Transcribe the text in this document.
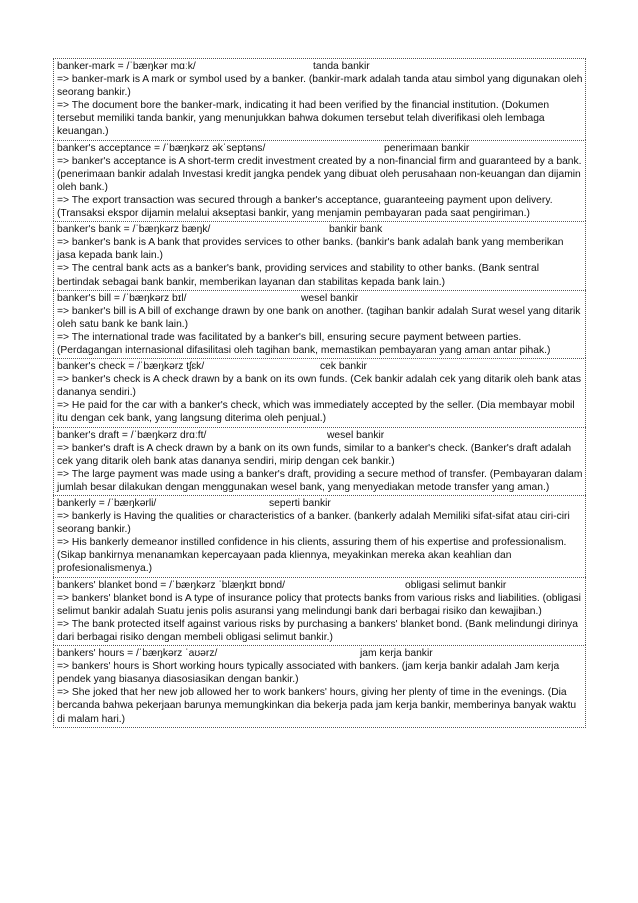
banker-mark = /ˈbæŋkər mɑːk/	tanda bankir
=> banker-mark is A mark or symbol used by a banker. (bankir-mark adalah tanda atau simbol yang digunakan oleh seorang bankir.)
=> The document bore the banker-mark, indicating it had been verified by the financial institution. (Dokumen tersebut memiliki tanda bankir, yang menunjukkan bahwa dokumen tersebut telah diverifikasi oleh lembaga keuangan.)
banker's acceptance = /ˈbæŋkərz əkˈseptəns/	penerimaan bankir
=> banker's acceptance is A short-term credit investment created by a non-financial firm and guaranteed by a bank. (penerimaan bankir adalah Investasi kredit jangka pendek yang dibuat oleh perusahaan non-keuangan dan dijamin oleh bank.)
=> The export transaction was secured through a banker's acceptance, guaranteeing payment upon delivery. (Transaksi ekspor dijamin melalui akseptasi bankir, yang menjamin pembayaran pada saat pengiriman.)
banker's bank = /ˈbæŋkərz bæŋk/	bankir bank
=> banker's bank is A bank that provides services to other banks. (bankir's bank adalah bank yang memberikan jasa kepada bank lain.)
=> The central bank acts as a banker's bank, providing services and stability to other banks. (Bank sentral bertindak sebagai bank bankir, memberikan layanan dan stabilitas kepada bank lain.)
banker's bill = /ˈbæŋkərz bɪl/	wesel bankir
=> banker's bill is A bill of exchange drawn by one bank on another. (tagihan bankir adalah Surat wesel yang ditarik oleh satu bank ke bank lain.)
=> The international trade was facilitated by a banker's bill, ensuring secure payment between parties. (Perdagangan internasional difasilitasi oleh tagihan bank, memastikan pembayaran yang aman antar pihak.)
banker's check = /ˈbæŋkərz tʃɛk/	cek bankir
=> banker's check is A check drawn by a bank on its own funds. (Cek bankir adalah cek yang ditarik oleh bank atas dananya sendiri.)
=> He paid for the car with a banker's check, which was immediately accepted by the seller. (Dia membayar mobil itu dengan cek bank, yang langsung diterima oleh penjual.)
banker's draft = /ˈbæŋkərz drɑːft/	wesel bankir
=> banker's draft is A check drawn by a bank on its own funds, similar to a banker's check. (Banker's draft adalah cek yang ditarik oleh bank atas dananya sendiri, mirip dengan cek bankir.)
=> The large payment was made using a banker's draft, providing a secure method of transfer. (Pembayaran dalam jumlah besar dilakukan dengan menggunakan wesel bank, yang menyediakan metode transfer yang aman.)
bankerly = /ˈbæŋkərli/	seperti bankir
=> bankerly is Having the qualities or characteristics of a banker. (bankerly adalah Memiliki sifat-sifat atau ciri-ciri seorang bankir.)
=> His bankerly demeanor instilled confidence in his clients, assuring them of his expertise and professionalism. (Sikap bankirnya menanamkan kepercayaan pada kliennya, meyakinkan mereka akan keahlian dan profesionalismenya.)
bankers' blanket bond = /ˈbæŋkərz ˈblæŋkɪt bɒnd/	obligasi selimut bankir
=> bankers' blanket bond is A type of insurance policy that protects banks from various risks and liabilities. (obligasi selimut bankir adalah Suatu jenis polis asuransi yang melindungi bank dari berbagai risiko dan kewajiban.)
=> The bank protected itself against various risks by purchasing a bankers' blanket bond. (Bank melindungi dirinya dari berbagai risiko dengan membeli obligasi selimut bankir.)
bankers' hours = /ˈbæŋkərz ˈaʊərz/	jam kerja bankir
=> bankers' hours is Short working hours typically associated with bankers. (jam kerja bankir adalah Jam kerja pendek yang biasanya diasosiasikan dengan bankir.)
=> She joked that her new job allowed her to work bankers' hours, giving her plenty of time in the evenings. (Dia bercanda bahwa pekerjaan barunya memungkinkan dia bekerja pada jam kerja bankir, memberinya banyak waktu di malam hari.)
